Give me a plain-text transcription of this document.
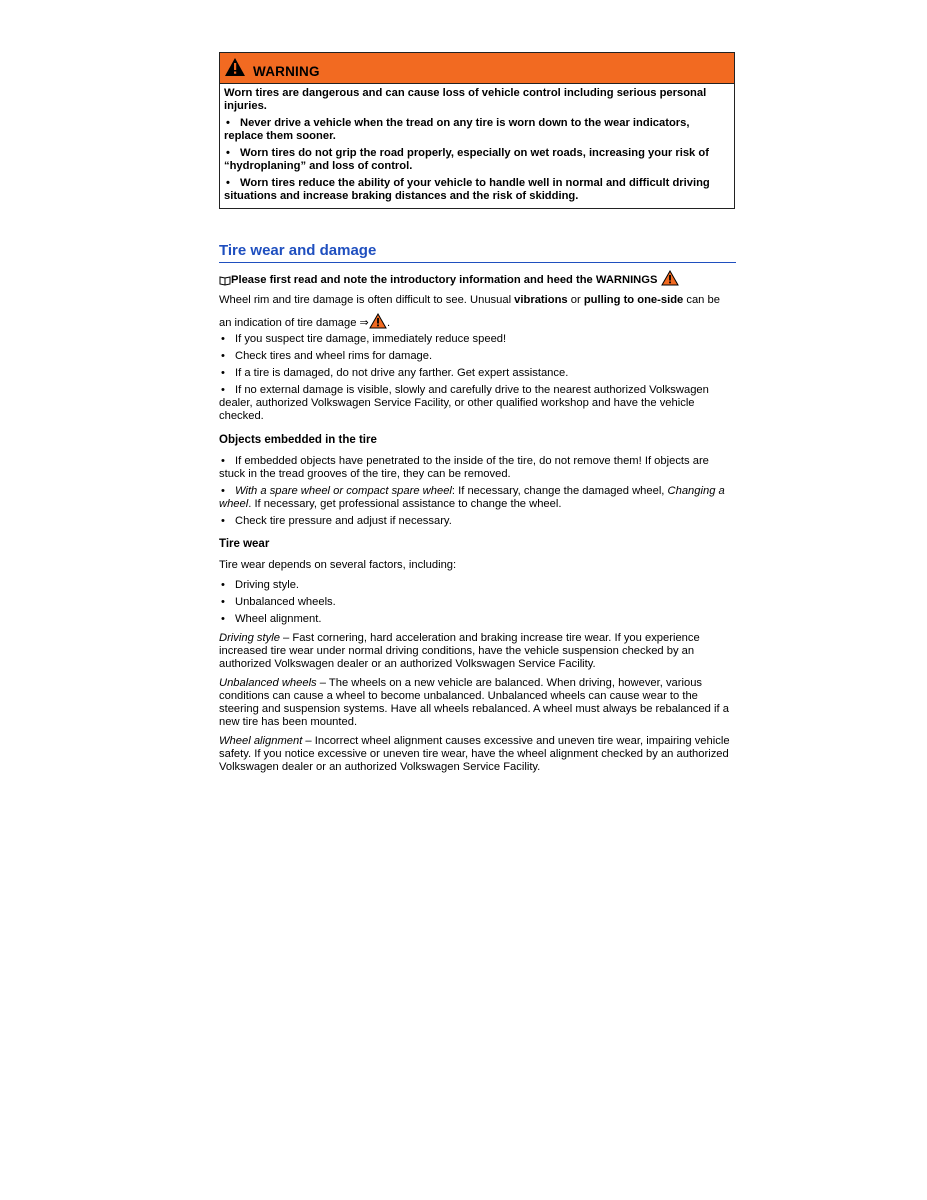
WARNING

Worn tires are dangerous and can cause loss of vehicle control including serious personal injuries.

• Never drive a vehicle when the tread on any tire is worn down to the wear indicators, replace them sooner.

• Worn tires do not grip the road properly, especially on wet roads, increasing your risk of “hydroplaning” and loss of control.

• Worn tires reduce the ability of your vehicle to handle well in normal and difficult driving situations and increase braking distances and the risk of skidding.

Tire wear and damage

Please first read and note the introductory information and heed the WARNINGS

Wheel rim and tire damage is often difficult to see. Unusual vibrations or pulling to one-side can be

an indication of tire damage ⇒ .

• If you suspect tire damage, immediately reduce speed!

• Check tires and wheel rims for damage.

• If a tire is damaged, do not drive any farther. Get expert assistance.

• If no external damage is visible, slowly and carefully drive to the nearest authorized Volkswagen dealer, authorized Volkswagen Service Facility, or other qualified workshop and have the vehicle checked.

Objects embedded in the tire

• If embedded objects have penetrated to the inside of the tire, do not remove them! If objects are stuck in the tread grooves of the tire, they can be removed.

• With a spare wheel or compact spare wheel: If necessary, change the damaged wheel, Changing a wheel. If necessary, get professional assistance to change the wheel.

• Check tire pressure and adjust if necessary.

Tire wear
Tire wear depends on several factors, including:

• Driving style.

• Unbalanced wheels.

• Wheel alignment.

Driving style – Fast cornering, hard acceleration and braking increase tire wear. If you experience increased tire wear under normal driving conditions, have the vehicle suspension checked by an authorized Volkswagen dealer or an authorized Volkswagen Service Facility.

Unbalanced wheels – The wheels on a new vehicle are balanced. When driving, however, various conditions can cause a wheel to become unbalanced. Unbalanced wheels can cause wear to the steering and suspension systems. Have all wheels rebalanced. A wheel must always be rebalanced if a new tire has been mounted.

Wheel alignment – Incorrect wheel alignment causes excessive and uneven tire wear, impairing vehicle safety. If you notice excessive or uneven tire wear, have the wheel alignment checked by an authorized Volkswagen dealer or an authorized Volkswagen Service Facility.
